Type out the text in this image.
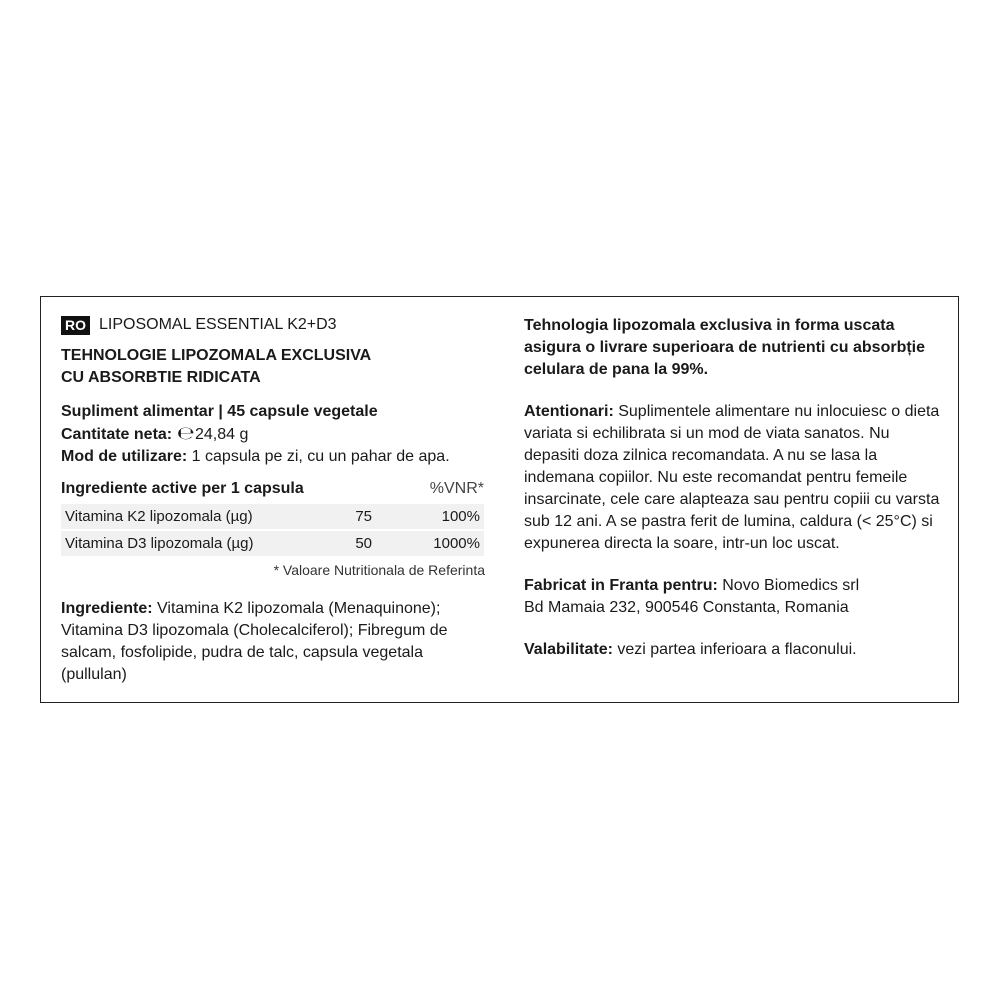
RO LIPOSOMAL ESSENTIAL K2+D3
TEHNOLOGIE LIPOZOMALA EXCLUSIVA
CU ABSORBTIE RIDICATA

Supliment alimentar | 45 capsule vegetale

Cantitate neta: ℮24,84 g

Mod de utilizare: 1 capsula pe zi, cu un pahar de apa.

Ingrediente active per 1 capsula		%VNR*
Vitamina K2 lipozomala (µg)	75	100%
Vitamina D3 lipozomala (µg)	50	1000%
* Valoare Nutritionala de Referinta

Ingrediente: Vitamina K2 lipozomala (Menaquinone); Vitamina D3 lipozomala (Cholecalciferol); Fibregum de salcam, fosfolipide, pudra de talc, capsula vegetala (pullulan)

Tehnologia lipozomala exclusiva in forma uscata asigura o livrare superioara de nutrienti cu absorbție celulara de pana la 99%.

Atentionari: Suplimentele alimentare nu inlocuiesc o dieta variata si echilibrata si un mod de viata sanatos. Nu depasiti doza zilnica recomandata. A nu se lasa la indemana copiilor. Nu este recomandat pentru femeile insarcinate, cele care alapteaza sau pentru copiii cu varsta sub 12 ani. A se pastra ferit de lumina, caldura (< 25°C) si expunerea directa la soare, intr-un loc uscat.

Fabricat in Franta pentru: Novo Biomedics srl

Bd Mamaia 232, 900546 Constanta, Romania

Valabilitate: vezi partea inferioara a flaconului.
